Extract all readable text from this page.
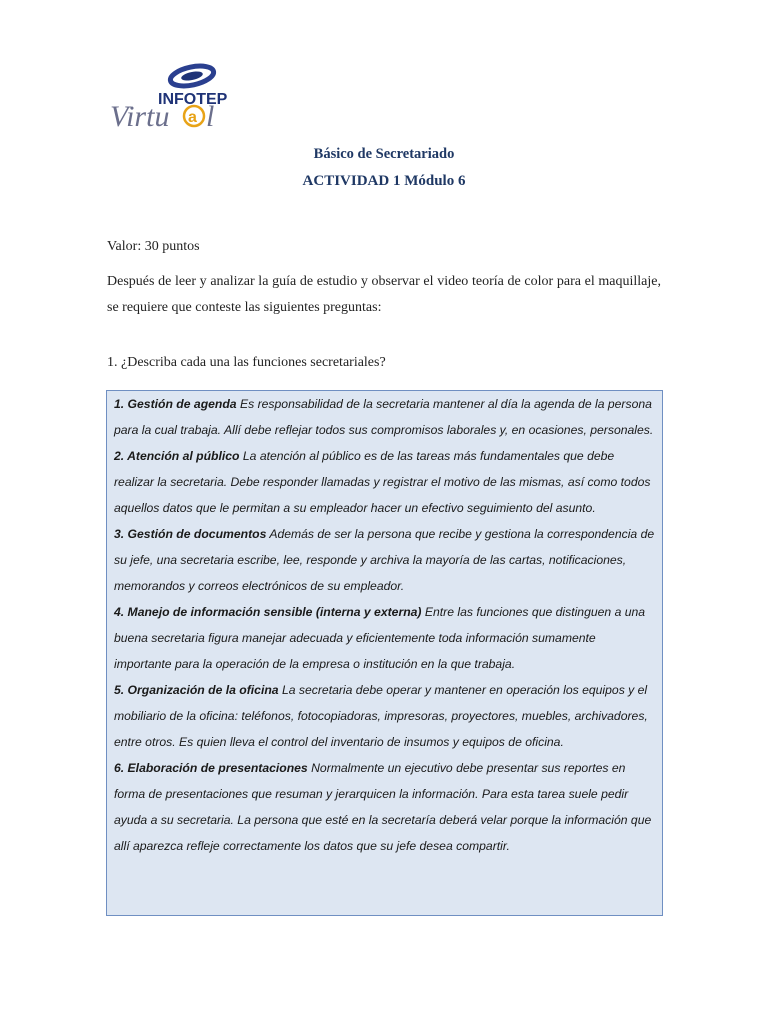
INFOTEP
Virtu a l
Básico de Secretariado
ACTIVIDAD 1 Módulo 6
Valor: 30 puntos
Después de leer y analizar la guía de estudio y observar el video teoría de color para el maquillaje, se requiere que conteste las siguientes preguntas:
1. ¿Describa cada una las funciones secretariales?
1. Gestión de agenda Es responsabilidad de la secretaria mantener al día la agenda de la persona para la cual trabaja. Allí debe reflejar todos sus compromisos laborales y, en ocasiones, personales.
2. Atención al público La atención al público es de las tareas más fundamentales que debe realizar la secretaria. Debe responder llamadas y registrar el motivo de las mismas, así como todos aquellos datos que le permitan a su empleador hacer un efectivo seguimiento del asunto.
3. Gestión de documentos Además de ser la persona que recibe y gestiona la correspondencia de su jefe, una secretaria escribe, lee, responde y archiva la mayoría de las cartas, notificaciones, memorandos y correos electrónicos de su empleador.
4. Manejo de información sensible (interna y externa) Entre las funciones que distinguen a una buena secretaria figura manejar adecuada y eficientemente toda información sumamente importante para la operación de la empresa o institución en la que trabaja.
5. Organización de la oficina La secretaria debe operar y mantener en operación los equipos y el mobiliario de la oficina: teléfonos, fotocopiadoras, impresoras, proyectores, muebles, archivadores, entre otros. Es quien lleva el control del inventario de insumos y equipos de oficina.
6. Elaboración de presentaciones Normalmente un ejecutivo debe presentar sus reportes en forma de presentaciones que resuman y jerarquicen la información. Para esta tarea suele pedir ayuda a su secretaria. La persona que esté en la secretaría deberá velar porque la información que allí aparezca refleje correctamente los datos que su jefe desea compartir.
